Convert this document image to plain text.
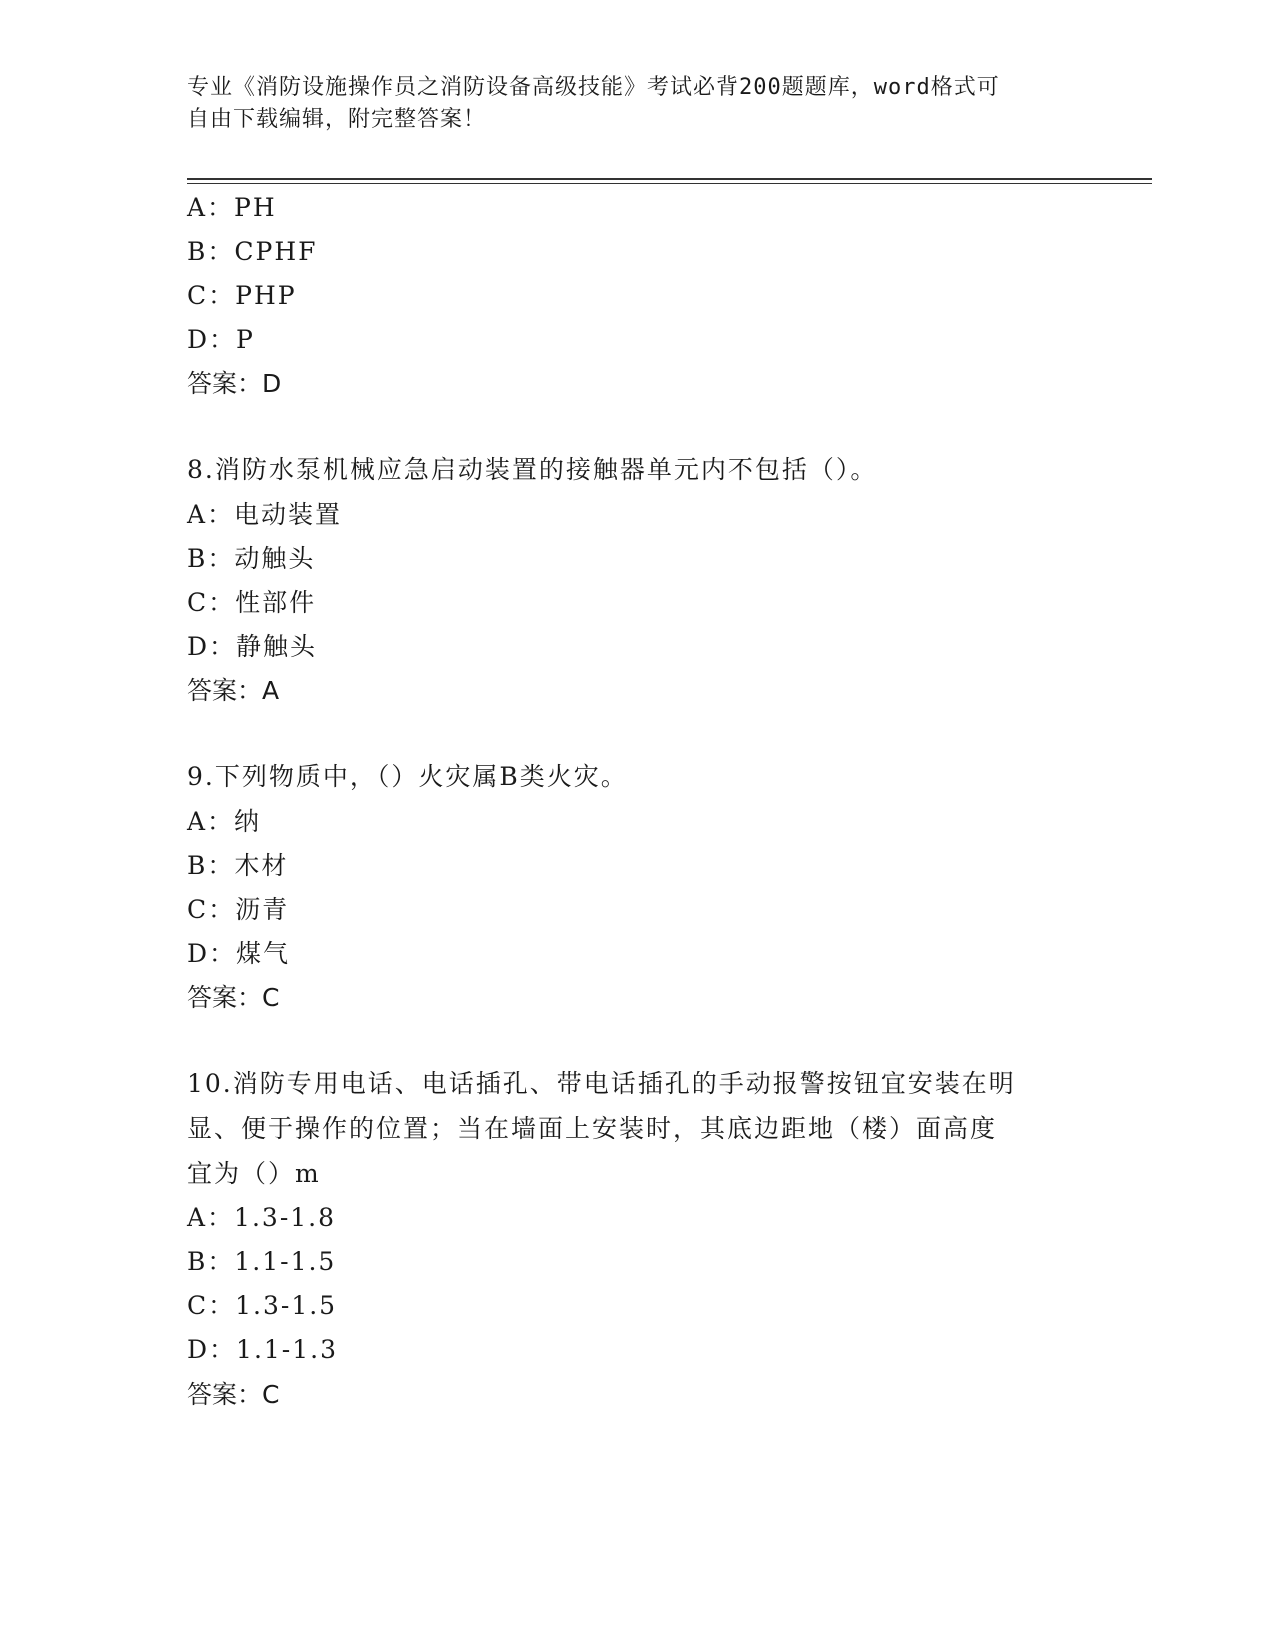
专业《消防设施操作员之消防设备高级技能》考试必背200题题库，word格式可
自由下载编辑，附完整答案！
A：PH
B：CPHF
C：PHP
D：P
答案：D
8.消防水泵机械应急启动装置的接触器单元内不包括（）。
A：电动装置
B：动触头
C：性部件
D：静触头
答案：A
9.下列物质中，（）火灾属B类火灾。
A：纳
B：木材
C：沥青
D：煤气
答案：C
10.消防专用电话、电话插孔、带电话插孔的手动报警按钮宜安装在明
显、便于操作的位置；当在墙面上安装时，其底边距地（楼）面高度
宜为（）m
A：1.3-1.8
B：1.1-1.5
C：1.3-1.5
D：1.1-1.3
答案：C
